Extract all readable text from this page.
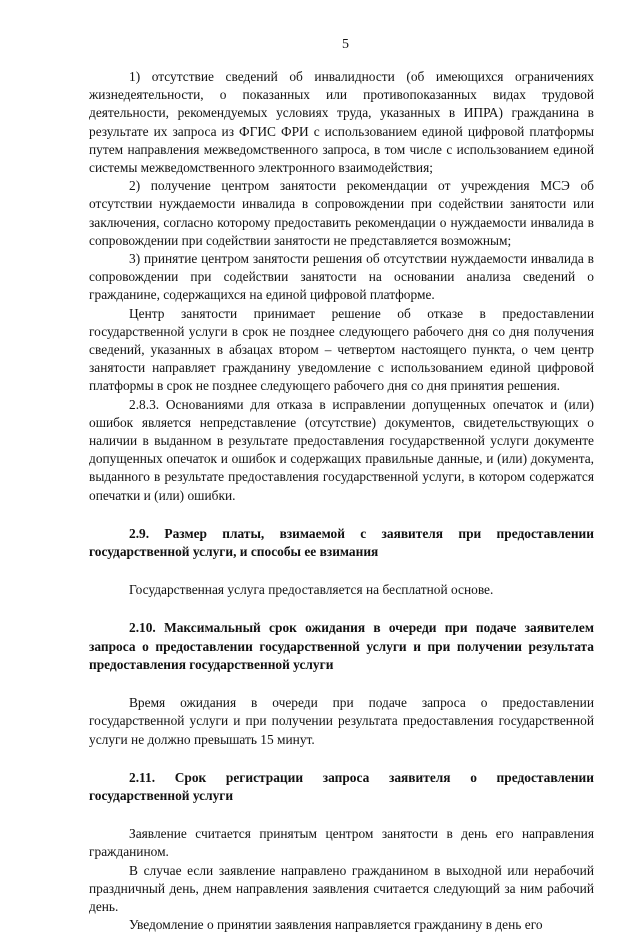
5

1) отсутствие сведений об инвалидности (об имеющихся ограничениях жизнедеятельности, о показанных или противопоказанных видах трудовой деятельности, рекомендуемых условиях труда, указанных в ИПРА) гражданина в результате их запроса из ФГИС ФРИ с использованием единой цифровой платформы путем направления межведомственного запроса, в том числе с использованием единой системы межведомственного электронного взаимодействия;

2) получение центром занятости рекомендации от учреждения МСЭ об отсутствии нуждаемости инвалида в сопровождении при содействии занятости или заключения, согласно которому предоставить рекомендации о нуждаемости инвалида в сопровождении при содействии занятости не представляется возможным;

3) принятие центром занятости решения об отсутствии нуждаемости инвалида в сопровождении при содействии занятости на основании анализа сведений о гражданине, содержащихся на единой цифровой платформе.

Центр занятости принимает решение об отказе в предоставлении государственной услуги в срок не позднее следующего рабочего дня со дня получения сведений, указанных в абзацах втором – четвертом настоящего пункта, о чем центр занятости направляет гражданину уведомление с использованием единой цифровой платформы в срок не позднее следующего рабочего дня со дня принятия решения.

2.8.3. Основаниями для отказа в исправлении допущенных опечаток и (или) ошибок является непредставление (отсутствие) документов, свидетельствующих о наличии в выданном в результате предоставления государственной услуги документе допущенных опечаток и ошибок и содержащих правильные данные, и (или) документа, выданного в результате предоставления государственной услуги, в котором содержатся опечатки и (или) ошибки.

2.9. Размер платы, взимаемой с заявителя при предоставлении государственной услуги, и способы ее взимания

Государственная услуга предоставляется на бесплатной основе.

2.10. Максимальный срок ожидания в очереди при подаче заявителем запроса о предоставлении государственной услуги и при получении результата предоставления государственной услуги

Время ожидания в очереди при подаче запроса о предоставлении государственной услуги и при получении результата предоставления государственной услуги не должно превышать 15 минут.

2.11. Срок регистрации запроса заявителя о предоставлении государственной услуги

Заявление считается принятым центром занятости в день его направления гражданином.

В случае если заявление направлено гражданином в выходной или нерабочий праздничный день, днем направления заявления считается следующий за ним рабочий день.

Уведомление о принятии заявления направляется гражданину в день его
